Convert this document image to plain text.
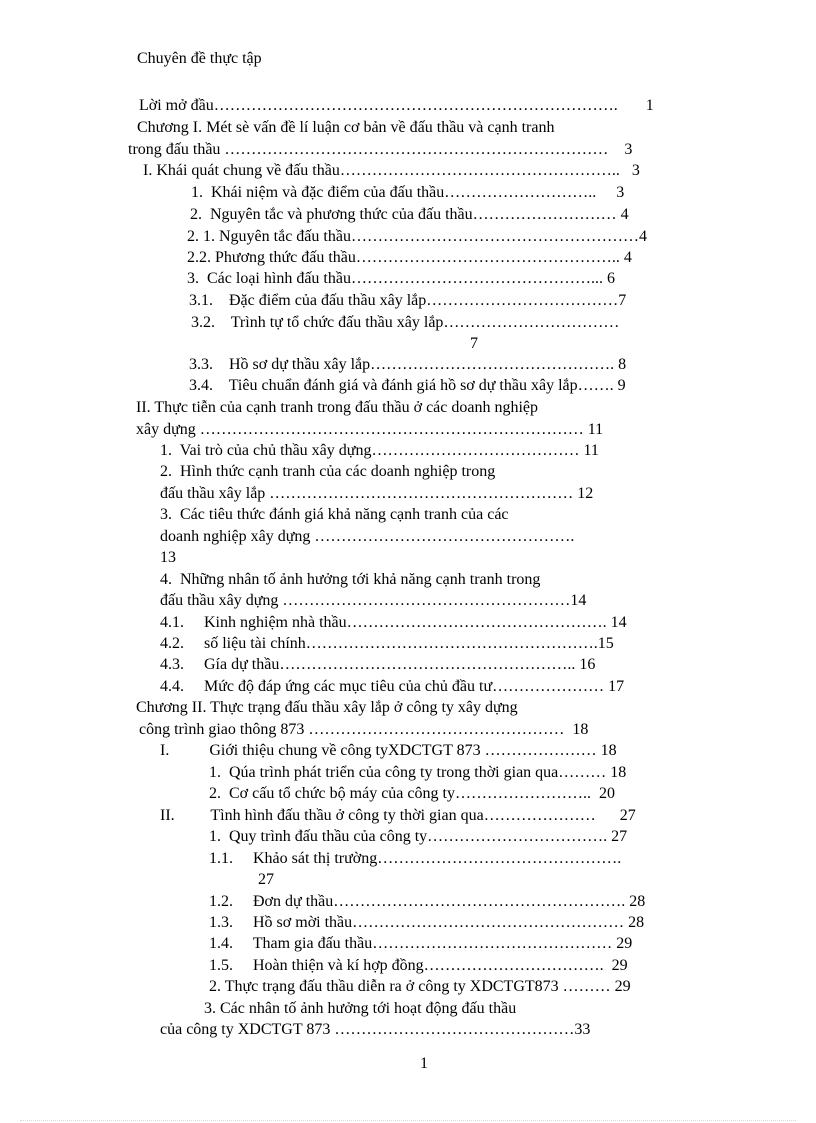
Chuyên đề thực tập
Lời mở đầu………………………………………………………………….       1
Chương I. Mét sè vấn đề lí luận cơ bản về đấu thầu và cạnh tranh
trong đấu thầu ………………………………………………………………    3
I. Khái quát chung về đấu thầu……………………………………………..   3
1.  Khái niệm và đặc điểm của đấu thầu………………………..     3
2.  Nguyên tắc và phương thức của đấu thầu……………………… 4
2. 1. Nguyên tắc đấu thầu………………………………………………4
2.2. Phương thức đấu thầu………………………………………….. 4
3.  Các loại hình đấu thầu………………………………………... 6
3.1.    Đặc điểm của đấu thầu xây lắp………………………………7
3.2.    Trình tự tổ chức đấu thầu xây lắp……………………………
7
3.3.    Hồ sơ dự thầu xây lắp………………………………………. 8
3.4.    Tiêu chuẩn đánh giá và đánh giá hồ sơ dự thầu xây lắp……. 9
II. Thực tiễn của cạnh tranh trong đấu thầu ở các doanh nghiệp
xây dựng ……………………………………………………………… 11
1.  Vai trò của chủ thầu xây dựng………………………………… 11
2.  Hình thức cạnh tranh của các doanh nghiệp trong
đấu thầu xây lắp ………………………………………………… 12
3.  Các tiêu thức đánh giá khả năng cạnh tranh của các
doanh nghiệp xây dựng ………………………………………….
13
4.  Những nhân tố ảnh hưởng tới khả năng cạnh tranh trong
đấu thầu xây dựng ………………………………………………14
4.1.     Kinh nghiệm nhà thầu…………………………………………. 14
4.2.     số liệu tài chính……………………………………………….15
4.3.     Gía dự thầu……………………………………………….. 16
4.4.     Mức độ đáp ứng các mục tiêu của chủ đầu tư………………… 17
Chương II. Thực trạng đấu thầu xây lắp ở công ty xây dựng
công trình giao thông 873 …………………………………………  18
I.          Giới thiệu chung về công tyXDCTGT 873 ………………… 18
1.  Qúa trình phát triển của công ty trong thời gian qua……… 18
2.  Cơ cấu tổ chức bộ máy của công ty……………………..  20
II.         Tình hình đấu thầu ở công ty thời gian qua…………………      27
1.  Quy trình đấu thầu của công ty……………………………. 27
1.1.     Khảo sát thị trường……………………………………….
27
1.2.     Đơn dự thầu………………………………………………. 28
1.3.     Hồ sơ mời thầu…………………………………………… 28
1.4.     Tham gia đấu thầu……………………………………… 29
1.5.     Hoàn thiện và kí hợp đồng…………………………….  29
2. Thực trạng đấu thầu diễn ra ở công ty XDCTGT873 ……… 29
3. Các nhân tố ảnh hưởng tới hoạt động đấu thầu
của công ty XDCTGT 873 ………………………………………33
1
